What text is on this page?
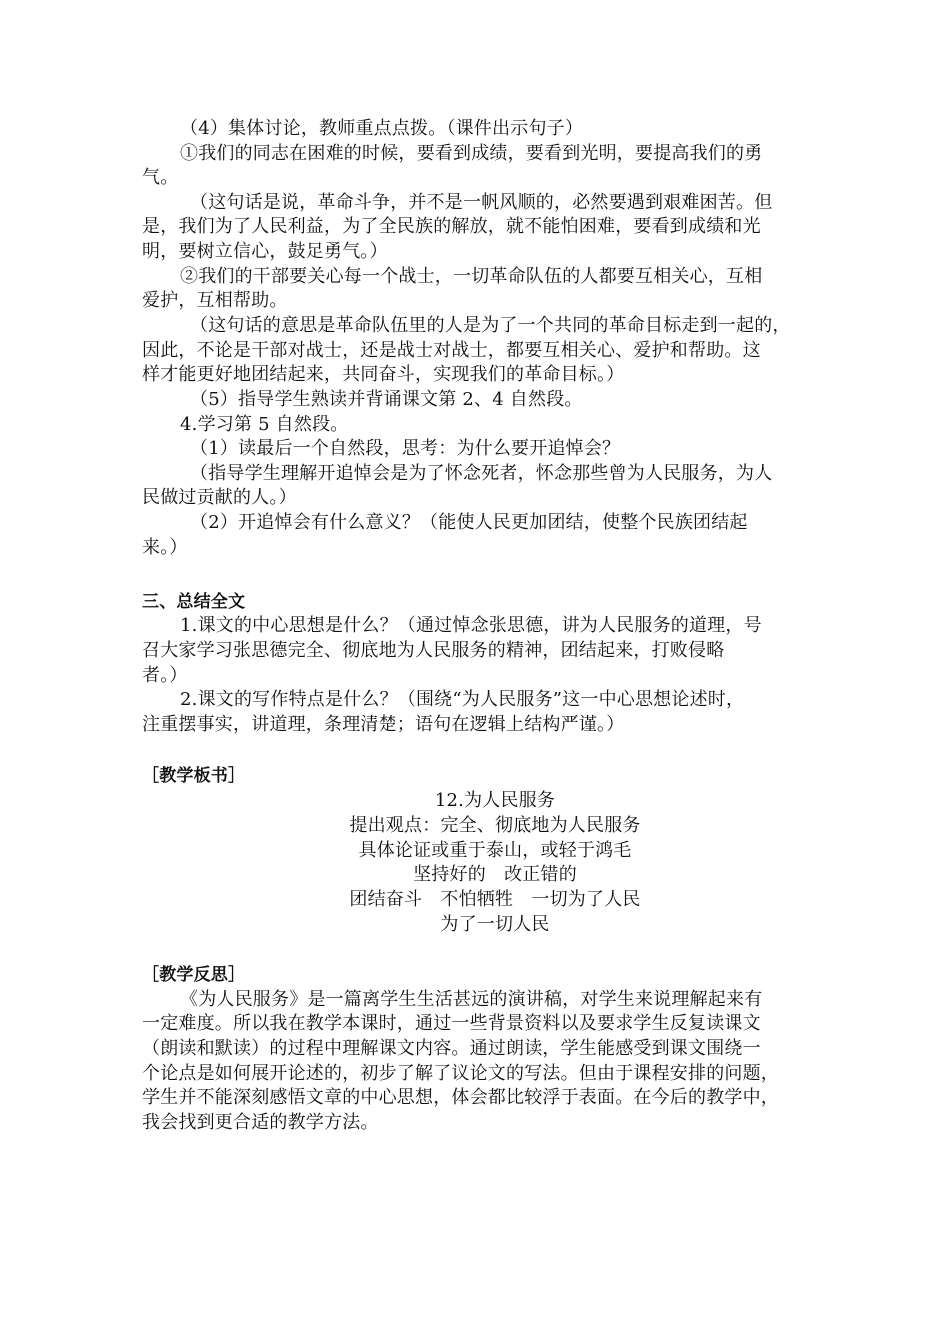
（4）集体讨论，教师重点点拨。（课件出示句子）
①我们的同志在困难的时候，要看到成绩，要看到光明，要提高我们的勇
气。
（这句话是说，革命斗争，并不是一帆风顺的，必然要遇到艰难困苦。但
是，我们为了人民利益，为了全民族的解放，就不能怕困难，要看到成绩和光
明，要树立信心，鼓足勇气。）
②我们的干部要关心每一个战士，一切革命队伍的人都要互相关心，互相
爱护，互相帮助。
（这句话的意思是革命队伍里的人是为了一个共同的革命目标走到一起的，
因此，不论是干部对战士，还是战士对战士，都要互相关心、爱护和帮助。这
样才能更好地团结起来，共同奋斗，实现我们的革命目标。）
（5）指导学生熟读并背诵课文第 2、4 自然段。
4.学习第 5 自然段。
（1）读最后一个自然段，思考：为什么要开追悼会？
（指导学生理解开追悼会是为了怀念死者，怀念那些曾为人民服务，为人
民做过贡献的人。）
（2）开追悼会有什么意义？（能使人民更加团结，使整个民族团结起
来。）
三、总结全文
1.课文的中心思想是什么？（通过悼念张思德，讲为人民服务的道理，号
召大家学习张思德完全、彻底地为人民服务的精神，团结起来，打败侵略
者。）
2.课文的写作特点是什么？（围绕“为人民服务”这一中心思想论述时，
注重摆事实，讲道理，条理清楚；语句在逻辑上结构严谨。）
［教学板书］
12.为人民服务
提出观点：完全、彻底地为人民服务
具体论证或重于泰山，或轻于鸿毛
坚持好的　改正错的
团结奋斗　不怕牺牲　一切为了人民
为了一切人民
［教学反思］
《为人民服务》是一篇离学生生活甚远的演讲稿，对学生来说理解起来有
一定难度。所以我在教学本课时，通过一些背景资料以及要求学生反复读课文
（朗读和默读）的过程中理解课文内容。通过朗读，学生能感受到课文围绕一
个论点是如何展开论述的，初步了解了议论文的写法。但由于课程安排的问题，
学生并不能深刻感悟文章的中心思想，体会都比较浮于表面。在今后的教学中，
我会找到更合适的教学方法。
